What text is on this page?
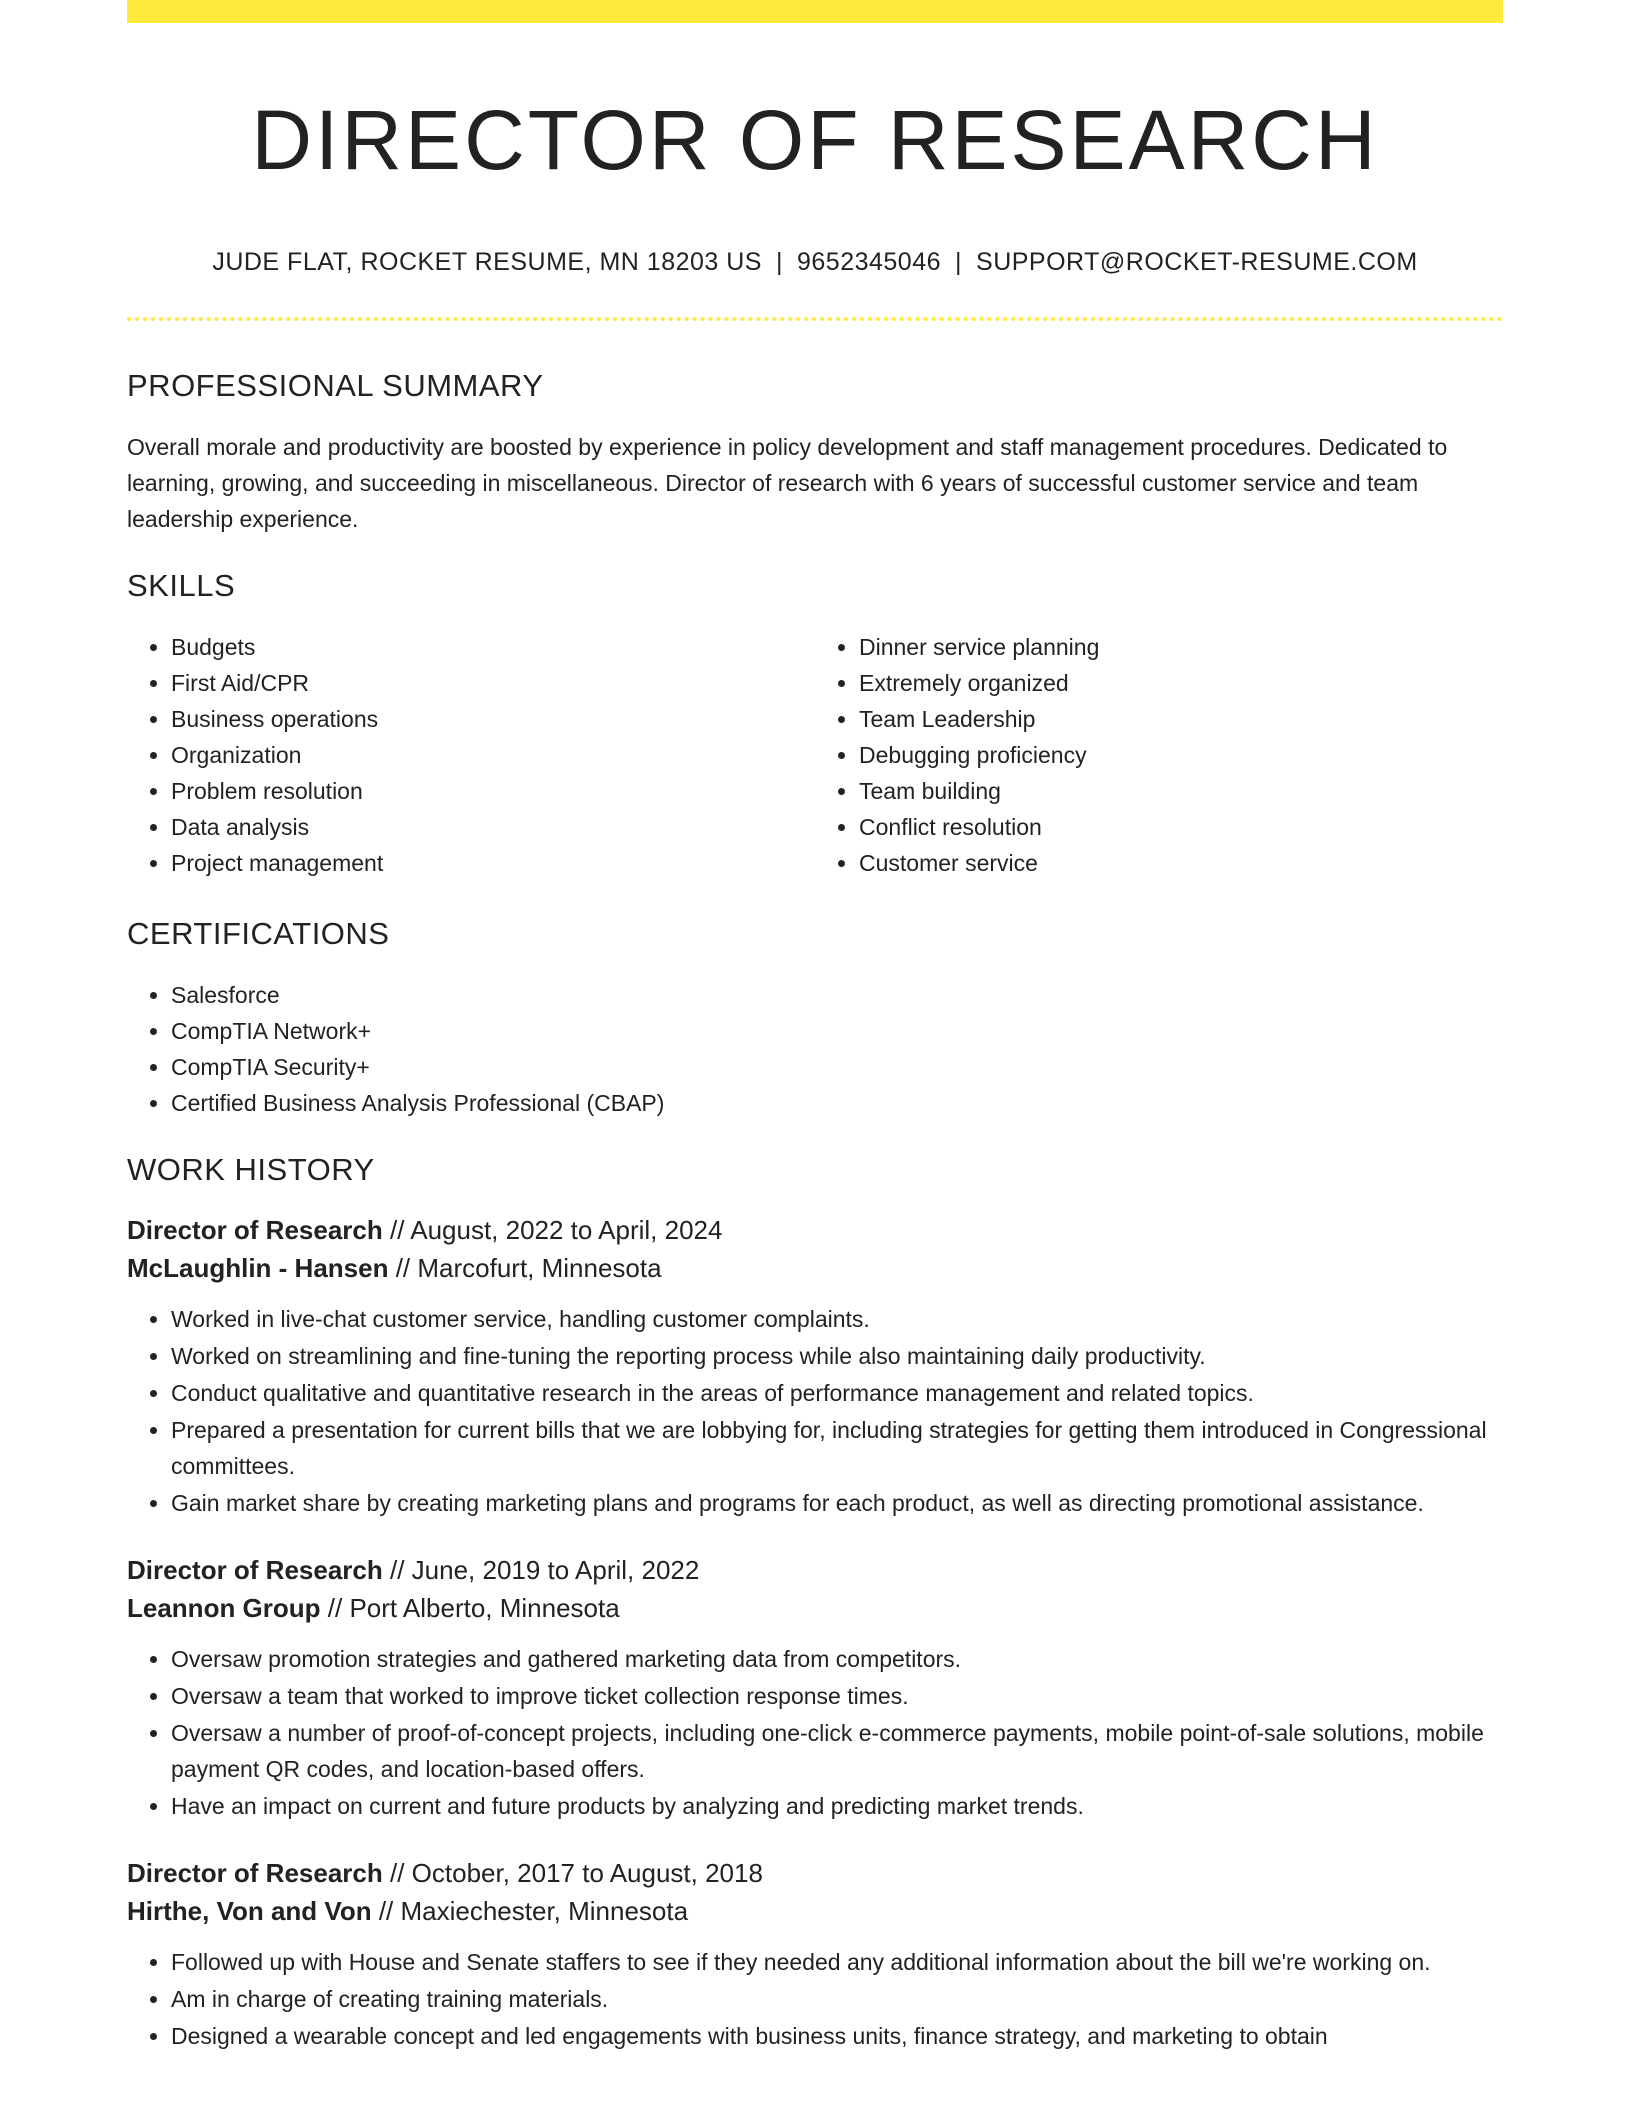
DIRECTOR OF RESEARCH
JUDE FLAT, ROCKET RESUME, MN 18203 US | 9652345046 | SUPPORT@ROCKET-RESUME.COM
PROFESSIONAL SUMMARY

Overall morale and productivity are boosted by experience in policy development and staff management procedures. Dedicated to learning, growing, and succeeding in miscellaneous. Director of research with 6 years of successful customer service and team leadership experience.

SKILLS
• Budgets
• First Aid/CPR
• Business operations
• Organization
• Problem resolution
• Data analysis
• Project management
• Dinner service planning
• Extremely organized
• Team Leadership
• Debugging proficiency
• Team building
• Conflict resolution
• Customer service
CERTIFICATIONS
• Salesforce
• CompTIA Network+
• CompTIA Security+
• Certified Business Analysis Professional (CBAP)
WORK HISTORY
Director of Research // August, 2022 to April, 2024
McLaughlin - Hansen // Marcofurt, Minnesota
• Worked in live-chat customer service, handling customer complaints.
• Worked on streamlining and fine-tuning the reporting process while also maintaining daily productivity.
• Conduct qualitative and quantitative research in the areas of performance management and related topics.
• Prepared a presentation for current bills that we are lobbying for, including strategies for getting them introduced in Congressional committees.
• Gain market share by creating marketing plans and programs for each product, as well as directing promotional assistance.
Director of Research // June, 2019 to April, 2022
Leannon Group // Port Alberto, Minnesota
• Oversaw promotion strategies and gathered marketing data from competitors.
• Oversaw a team that worked to improve ticket collection response times.
• Oversaw a number of proof-of-concept projects, including one-click e-commerce payments, mobile point-of-sale solutions, mobile payment QR codes, and location-based offers.
• Have an impact on current and future products by analyzing and predicting market trends.
Director of Research // October, 2017 to August, 2018
Hirthe, Von and Von // Maxiechester, Minnesota
• Followed up with House and Senate staffers to see if they needed any additional information about the bill we're working on.
• Am in charge of creating training materials.
• Designed a wearable concept and led engagements with business units, finance strategy, and marketing to obtain
